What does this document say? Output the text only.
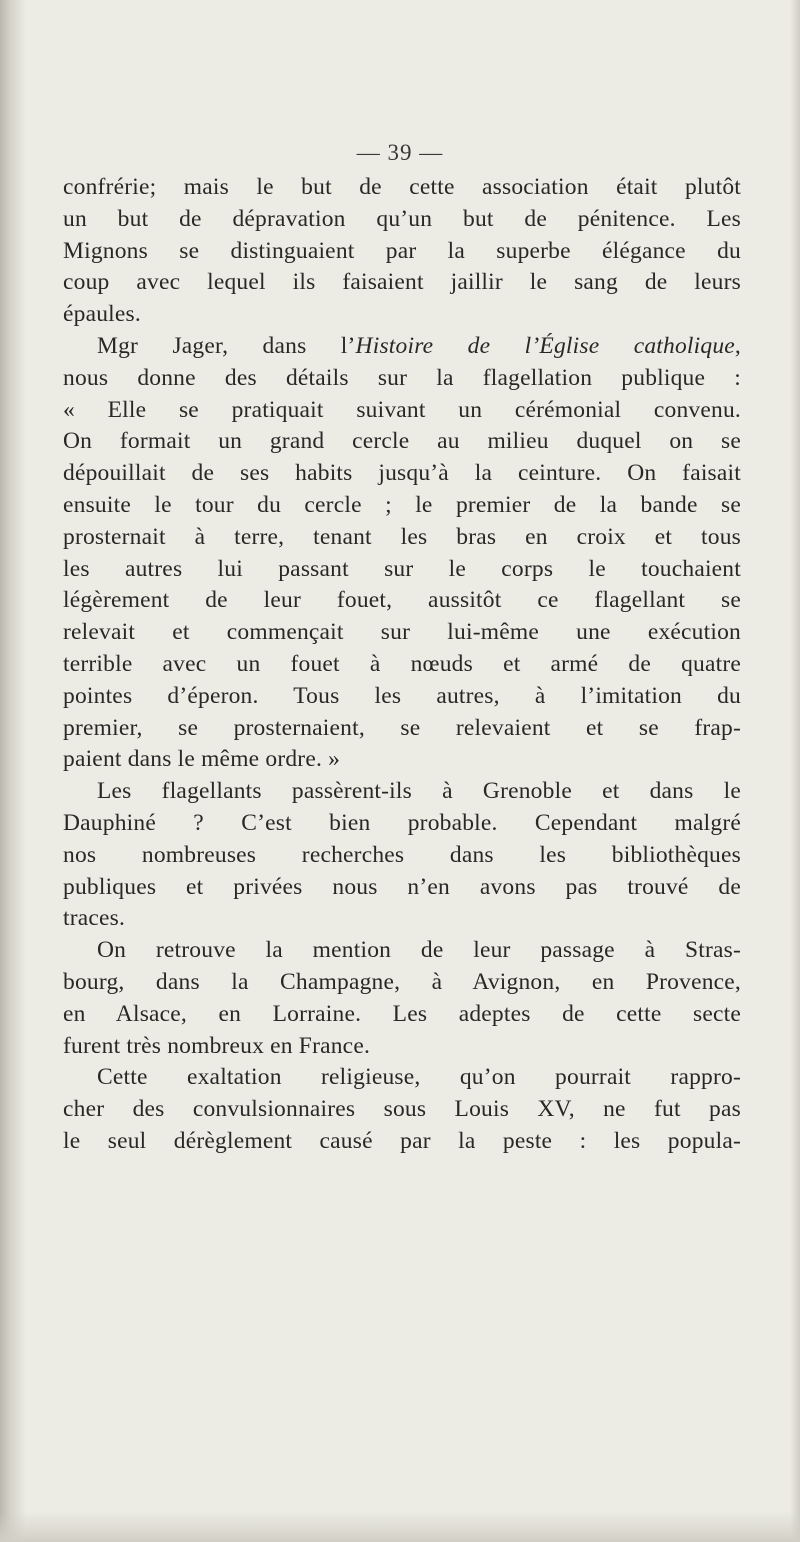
— 39 —
confrérie; mais le but de cette association était plutôt
un but de dépravation qu’un but de pénitence. Les
Mignons se distinguaient par la superbe élégance du
coup avec lequel ils faisaient jaillir le sang de leurs
épaules.
Mgr Jager, dans l’Histoire de l’Église catholique,
nous donne des détails sur la flagellation publique :
« Elle se pratiquait suivant un cérémonial convenu.
On formait un grand cercle au milieu duquel on se
dépouillait de ses habits jusqu’à la ceinture. On faisait
ensuite le tour du cercle ; le premier de la bande se
prosternait à terre, tenant les bras en croix et tous
les autres lui passant sur le corps le touchaient
légèrement de leur fouet, aussitôt ce flagellant se
relevait et commençait sur lui-même une exécution
terrible avec un fouet à nœuds et armé de quatre
pointes d’éperon. Tous les autres, à l’imitation du
premier, se prosternaient, se relevaient et se frap-
paient dans le même ordre. »
Les flagellants passèrent-ils à Grenoble et dans le
Dauphiné ? C’est bien probable. Cependant malgré
nos nombreuses recherches dans les bibliothèques
publiques et privées nous n’en avons pas trouvé de
traces.
On retrouve la mention de leur passage à Stras-
bourg, dans la Champagne, à Avignon, en Provence,
en Alsace, en Lorraine. Les adeptes de cette secte
furent très nombreux en France.
Cette exaltation religieuse, qu’on pourrait rappro-
cher des convulsionnaires sous Louis XV, ne fut pas
le seul dérèglement causé par la peste : les popula-
